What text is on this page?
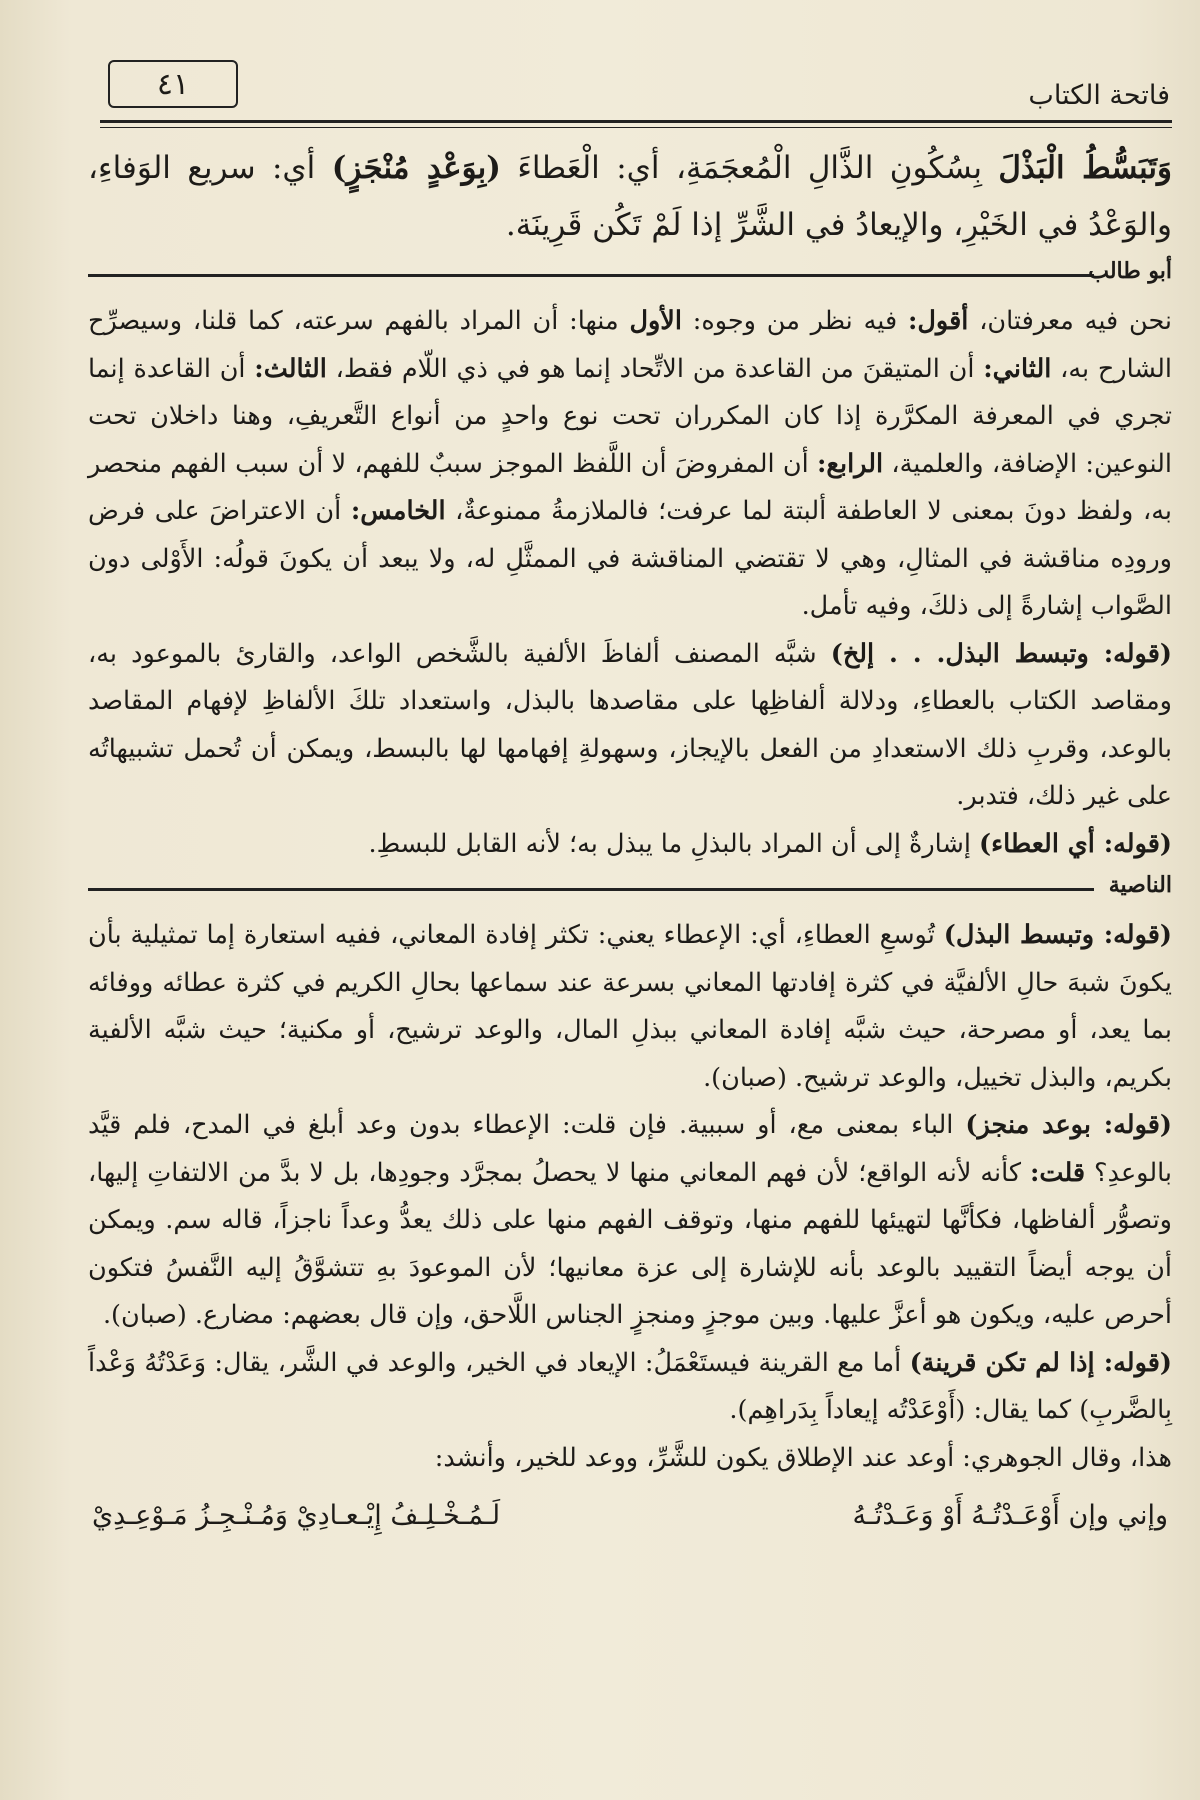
٤١	فاتحة الكتاب

وَتَبَسُّطُ الْبَذْلَ بِسُكُونِ الذَّالِ الْمُعجَمَةِ، أي: الْعَطاءَ (بِوَعْدٍ مُنْجَزٍ) أي: سريع الوَفاءِ، والوَعْدُ في الخَيْرِ، والإيعادُ في الشَّرِّ إذا لَمْ تَكُن قَرِينَة.

أبو طالب

نحن فيه معرفتان، أقول: فيه نظر من وجوه: الأول منها: أن المراد بالفهم سرعته، كما قلنا، وسيصرِّح الشارح به، الثاني: أن المتيقنَ من القاعدة من الاتِّحاد إنما هو في ذي اللّام فقط، الثالث: أن القاعدة إنما تجري في المعرفة المكرَّرة إذا كان المكرران تحت نوع واحدٍ من أنواع التَّعريفِ، وهنا داخلان تحت النوعين: الإضافة، والعلمية، الرابع: أن المفروضَ أن اللَّفظ الموجز سببٌ للفهم، لا أن سبب الفهم منحصر به، ولفظ دونَ بمعنى لا العاطفة ألبتة لما عرفت؛ فالملازمةُ ممنوعةٌ، الخامس: أن الاعتراضَ على فرض ورودِه مناقشة في المثالِ، وهي لا تقتضي المناقشة في الممثَّلِ له، ولا يبعد أن يكونَ قولُه: الأَوْلى دون الصَّواب إشارةً إلى ذلكَ، وفيه تأمل.

(قوله: وتبسط البذل. . . إلخ) شبَّه المصنف ألفاظَ الألفية بالشَّخص الواعد، والقارئ بالموعود به، ومقاصد الكتاب بالعطاءِ، ودلالة ألفاظِها على مقاصدها بالبذل، واستعداد تلكَ الألفاظِ لإفهام المقاصد بالوعد، وقربِ ذلك الاستعدادِ من الفعل بالإيجاز، وسهولةِ إفهامها لها بالبسط، ويمكن أن تُحمل تشبيهاتُه على غير ذلك، فتدبر.

(قوله: أي العطاء) إشارةٌ إلى أن المراد بالبذلِ ما يبذل به؛ لأنه القابل للبسطِ.

الناصية

(قوله: وتبسط البذل) تُوسعِ العطاءِ، أي: الإعطاء يعني: تكثر إفادة المعاني، ففيه استعارة إما تمثيلية بأن يكونَ شبهَ حالِ الألفيَّة في كثرة إفادتها المعاني بسرعة عند سماعها بحالِ الكريم في كثرة عطائه ووفائه بما يعد، أو مصرحة، حيث شبَّه إفادة المعاني ببذلِ المال، والوعد ترشيح، أو مكنية؛ حيث شبَّه الألفية بكريم، والبذل تخييل، والوعد ترشيح. (صبان).

(قوله: بوعد منجز) الباء بمعنى مع، أو سببية. فإن قلت: الإعطاء بدون وعد أبلغ في المدح، فلم قيَّد بالوعدِ؟ قلت: كأنه لأنه الواقع؛ لأن فهم المعاني منها لا يحصلُ بمجرَّد وجودِها، بل لا بدَّ من الالتفاتِ إليها، وتصوُّر ألفاظها، فكأنَّها لتهيئها للفهم منها، وتوقف الفهم منها على ذلك يعدُّ وعداً ناجزاً، قاله سم. ويمكن أن يوجه أيضاً التقييد بالوعد بأنه للإشارة إلى عزة معانيها؛ لأن الموعودَ بهِ تتشوَّقُ إليه النَّفسُ فتكون أحرص عليه، ويكون هو أعزَّ عليها. وبين موجزٍ ومنجزٍ الجناس اللَّاحق، وإن قال بعضهم: مضارع. (صبان).

(قوله: إذا لم تكن قرينة) أما مع القرينة فيستَعْمَلُ: الإيعاد في الخير، والوعد في الشَّر، يقال: وَعَدْتُهُ وَعْداً بِالضَّربِ) كما يقال: (أَوْعَدْتُه إيعاداً بِدَراهِم).

هذا، وقال الجوهري: أوعد عند الإطلاق يكون للشَّرِّ، ووعد للخير، وأنشد:

وإني وإن أَوْعَـدْتُـهُ أَوْ وَعَـدْتُـهُ
لَـمُـخْـلِـفُ إِيْـعـادِيْ وَمُـنْـجِـزُ مَـوْعِـدِيْ
